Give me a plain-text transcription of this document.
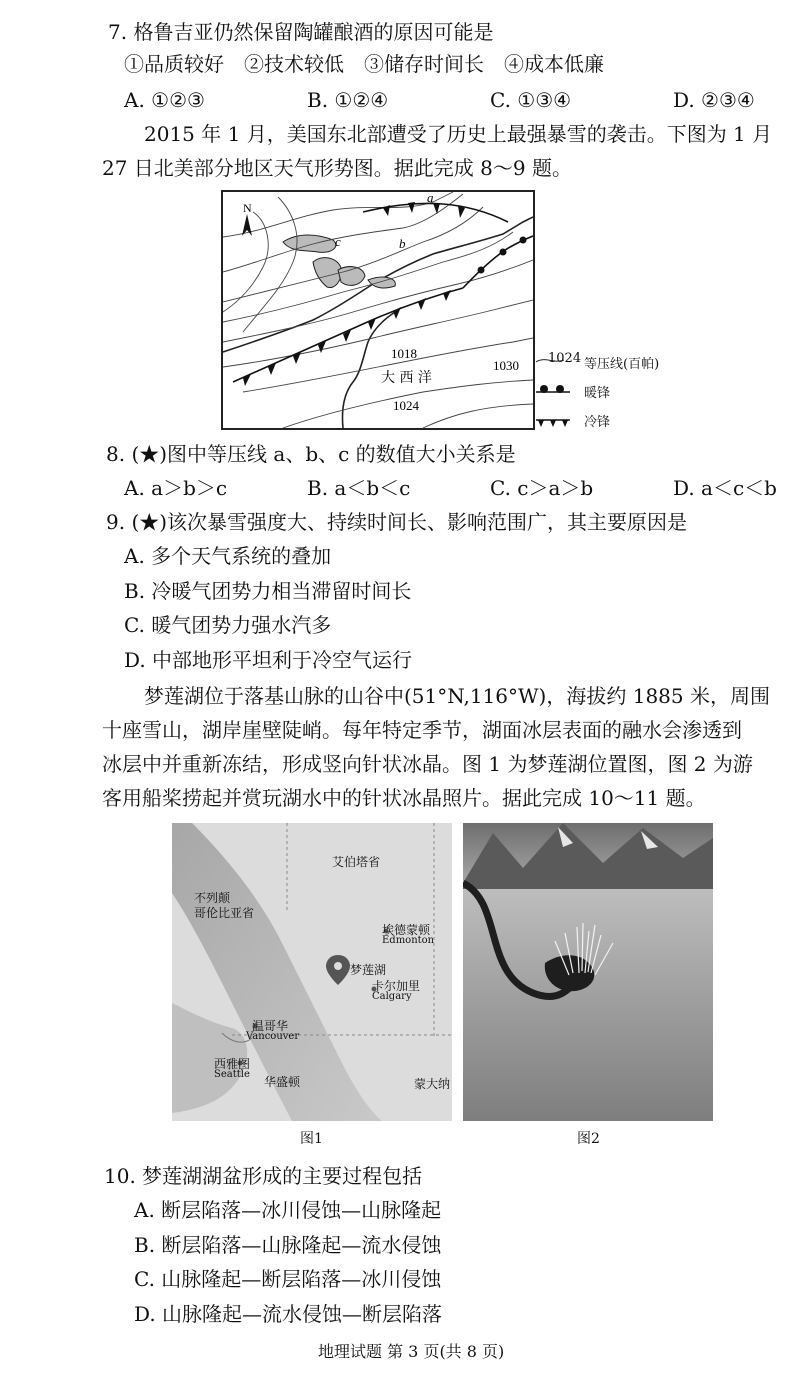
7. 格鲁吉亚仍然保留陶罐酿酒的原因可能是
①品质较好　②技术较低　③储存时间长　④成本低廉
A. ①②③	B. ①②④	C. ①③④	D. ②③④
2015 年 1 月，美国东北部遭受了历史上最强暴雪的袭击。下图为 1 月
27 日北美部分地区天气形势图。据此完成 8～9 题。
N
a
b
c
1018
1024
1030
大 西 洋
1024 等压线(百帕)
暖锋
冷锋
8. (★)图中等压线 a、b、c 的数值大小关系是
A. a＞b＞c	B. a＜b＜c	C. c＞a＞b	D. a＜c＜b
9. (★)该次暴雪强度大、持续时间长、影响范围广，其主要原因是
A. 多个天气系统的叠加
B. 冷暖气团势力相当滞留时间长
C. 暖气团势力强水汽多
D. 中部地形平坦利于冷空气运行
梦莲湖位于落基山脉的山谷中(51°N,116°W)，海拔约 1885 米，周围
十座雪山，湖岸崖壁陡峭。每年特定季节，湖面冰层表面的融水会渗透到
冰层中并重新冻结，形成竖向针状冰晶。图 1 为梦莲湖位置图，图 2 为游
客用船桨捞起并赏玩湖水中的针状冰晶照片。据此完成 10～11 题。
艾伯塔省
不列颠
哥伦比亚省
埃德蒙顿
Edmonton
梦莲湖
卡尔加里
Calgary
温哥华
Vancouver
西雅图
Seattle
华盛顿	蒙大纳
图1	图2
10. 梦莲湖湖盆形成的主要过程包括
A. 断层陷落—冰川侵蚀—山脉隆起
B. 断层陷落—山脉隆起—流水侵蚀
C. 山脉隆起—断层陷落—冰川侵蚀
D. 山脉隆起—流水侵蚀—断层陷落
地理试题 第 3 页(共 8 页)
